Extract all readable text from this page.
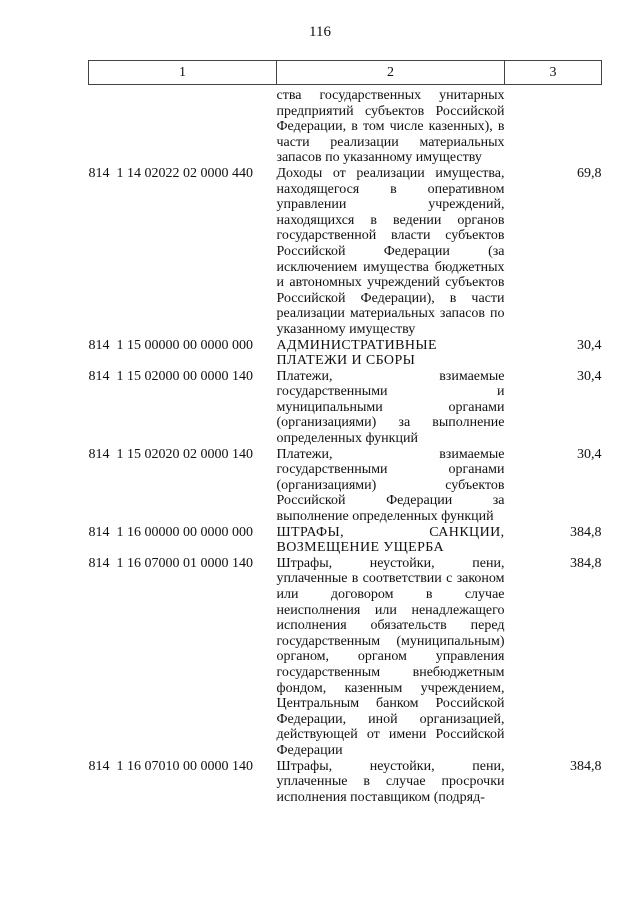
116
1	2	3
	ства государственных унитарных предприятий субъектов Российской Федерации, в том числе казенных), в части реализации материальных запасов по указанному имуществу	
814 1 14 02022 02 0000 440	Доходы от реализации имущества, находящегося в оперативном управлении учреждений, находящихся в ведении органов государственной власти субъектов Российской Федерации (за исключением имущества бюджетных и автономных учреждений субъектов Российской Федерации), в части реализации материальных запасов по указанному имуществу	69,8
814 1 15 00000 00 0000 000	АДМИНИСТРАТИВНЫЕ ПЛАТЕЖИ И СБОРЫ	30,4
814 1 15 02000 00 0000 140	Платежи, взимаемые государственными и муниципальными органами (организациями) за выполнение определенных функций	30,4
814 1 15 02020 02 0000 140	Платежи, взимаемые государственными органами (организациями) субъектов Российской Федерации за выполнение определенных функций	30,4
814 1 16 00000 00 0000 000	ШТРАФЫ, САНКЦИИ, ВОЗМЕЩЕНИЕ УЩЕРБА	384,8
814 1 16 07000 01 0000 140	Штрафы, неустойки, пени, уплаченные в соответствии с законом или договором в случае неисполнения или ненадлежащего исполнения обязательств перед государственным (муниципальным) органом, органом управления государственным внебюджетным фондом, казенным учреждением, Центральным банком Российской Федерации, иной организацией, действующей от имени Российской Федерации	384,8
814 1 16 07010 00 0000 140	Штрафы, неустойки, пени, уплаченные в случае просрочки исполнения поставщиком (подряд-	384,8
